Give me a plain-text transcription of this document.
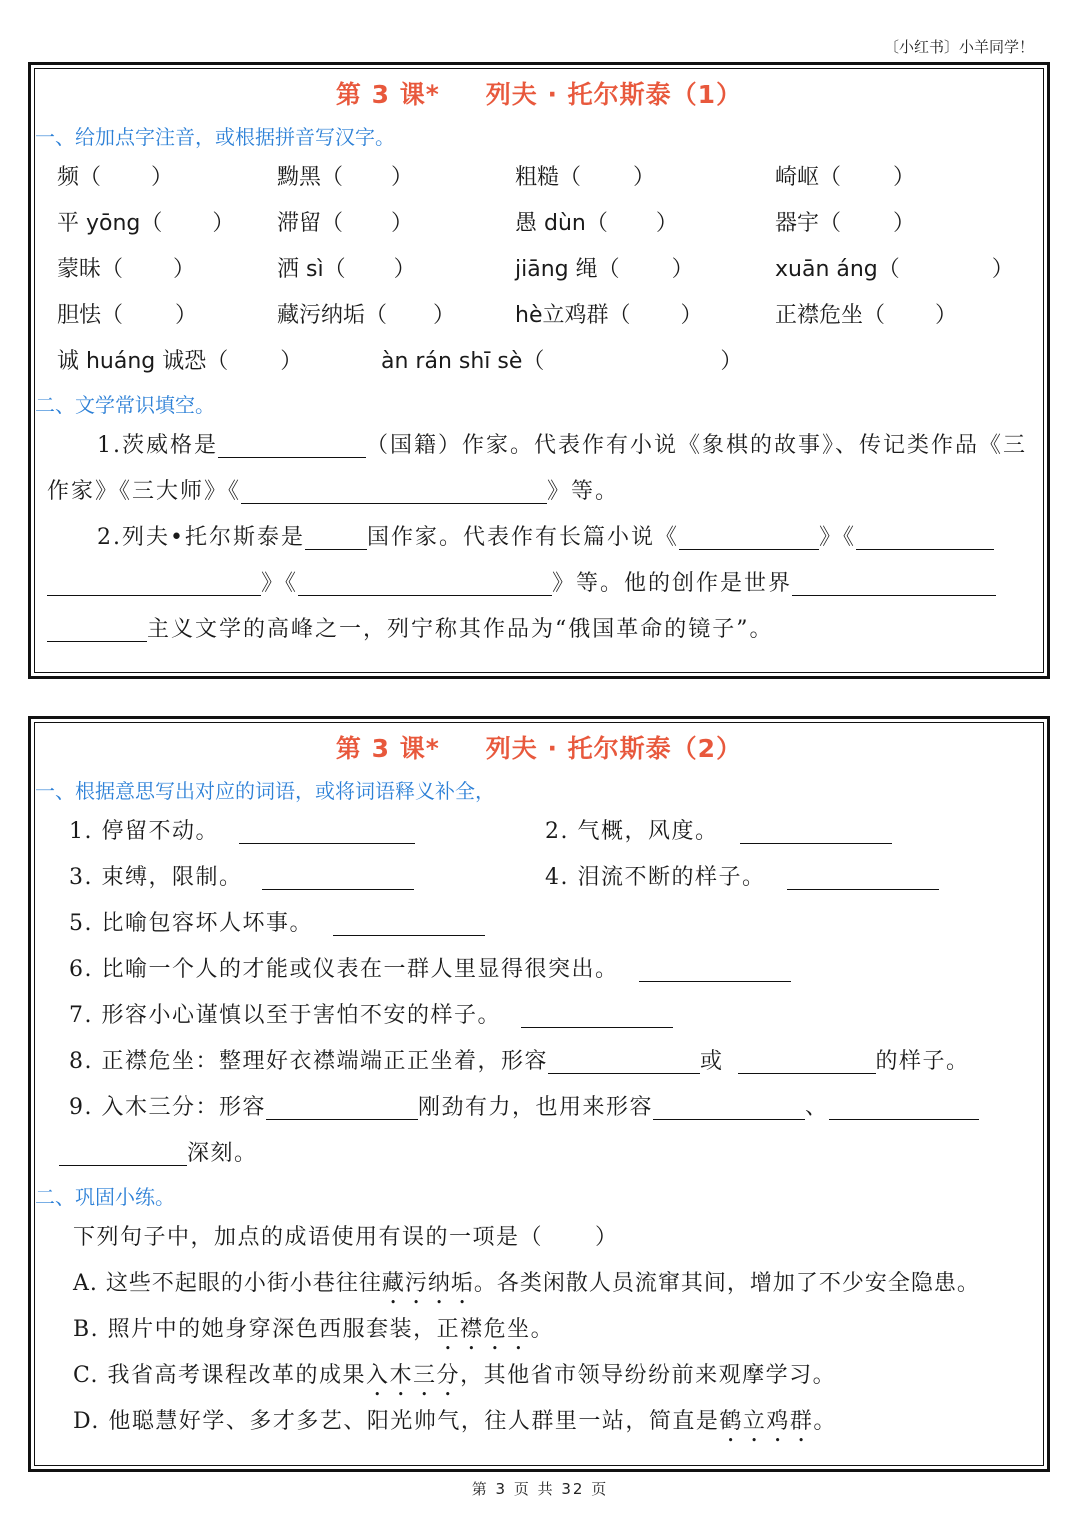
〔小红书〕小羊同学！
第 3 课* 列夫 · 托尔斯泰（1）
一、给加点字注音，或根据拼音写汉字。
频（ ）	黝黑（ ）	粗糙（ ）	崎岖（ ）
平 yōng（ ） 滞留（ ）	愚 dùn（ ）	器宇（ ）
蒙昧（ ）	洒 sì（ ）	jiāng 绳（ ）	xuān áng（	）
胆怯（ ）	藏污纳垢（ ）	hè立鸡群（ ）	正襟危坐（ ）
诚 huáng 诚恐（ ）	àn rán shī sè（	）
二、文学常识填空。
1.茨威格是	（国籍）作家。代表作有小说《象棋的故事》、传记类作品《三
作家》《三大师》《	》等。
2.列夫•托尔斯泰是	国作家。代表作有长篇小说《	》《
》《	》等。他的创作是世界
主义文学的高峰之一，列宁称其作品为“俄国革命的镜子”。
第 3 课* 列夫 · 托尔斯泰（2）
一、根据意思写出对应的词语，或将词语释义补全，
1. 停留不动。	2. 气概，风度。
3. 束缚，限制。	4. 泪流不断的样子。
5. 比喻包容坏人坏事。
6. 比喻一个人的才能或仪表在一群人里显得很突出。
7. 形容小心谨慎以至于害怕不安的样子。
8. 正襟危坐：整理好衣襟端端正正坐着，形容	或	的样子。
9. 入木三分：形容	刚劲有力，也用来形容	、
深刻。
二、巩固小练。
下列句子中，加点的成语使用有误的一项是（ ）
A. 这些不起眼的小街小巷往往藏污纳垢。各类闲散人员流窜其间，增加了不少安全隐患。
B. 照片中的她身穿深色西服套装，正襟危坐。
C. 我省高考课程改革的成果入木三分，其他省市领导纷纷前来观摩学习。
D. 他聪慧好学、多才多艺、阳光帅气，往人群里一站，简直是鹤立鸡群。
第 3 页 共 32 页
